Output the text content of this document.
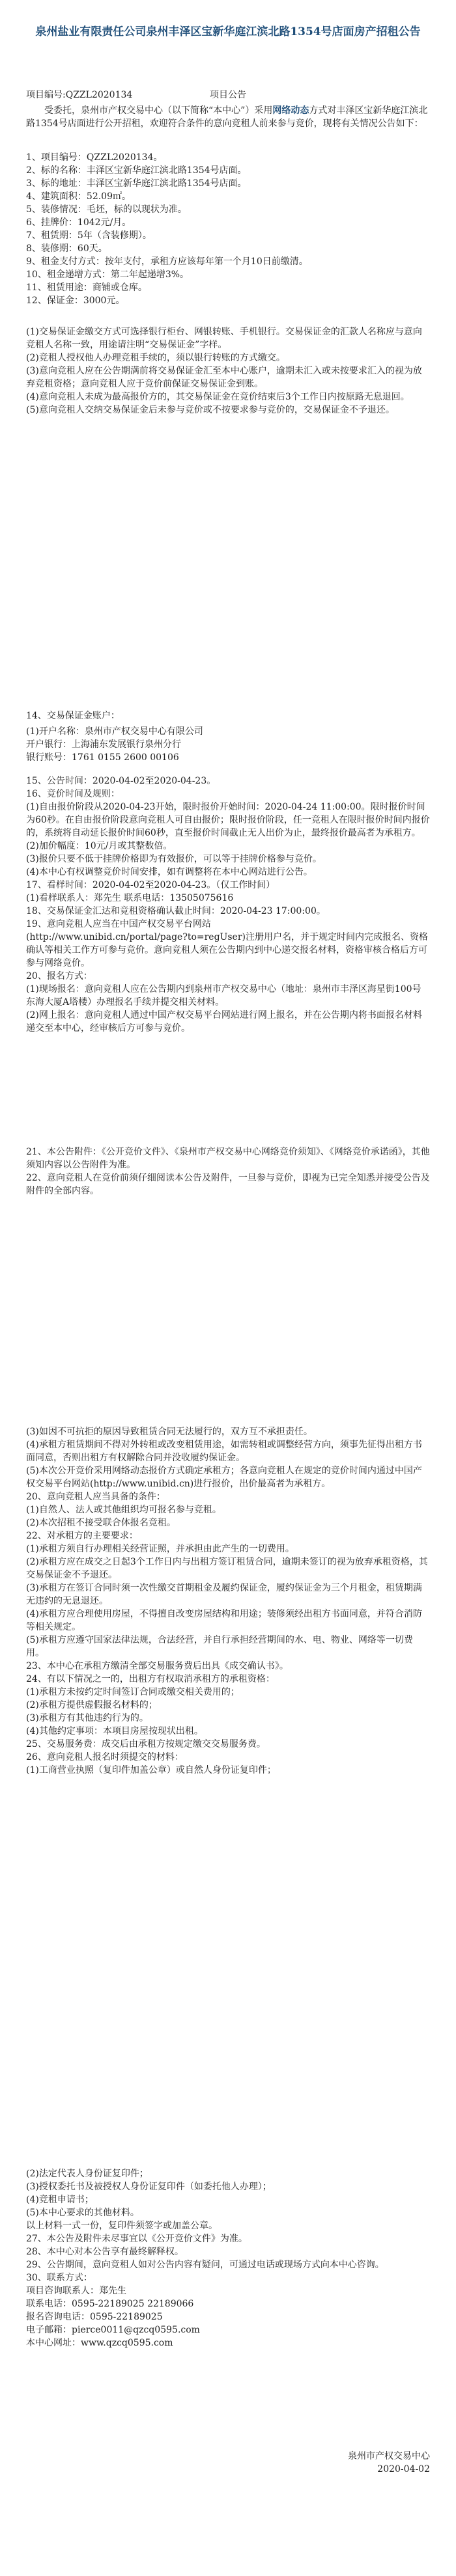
泉州盐业有限责任公司泉州丰泽区宝新华庭江滨北路1354号店面房产招租公告
项目编号:QZZL2020134	项目公告
受委托，泉州市产权交易中心（以下简称“本中心”）采用网络动态方式对丰泽区宝新华庭江滨北路1354号店面进行公开招租，欢迎符合条件的意向竞租人前来参与竞价，现将有关情况公告如下：
1、项目编号：QZZL2020134。
2、标的名称：丰泽区宝新华庭江滨北路1354号店面。
3、标的地址：丰泽区宝新华庭江滨北路1354号店面。
4、建筑面积：52.09㎡。
5、装修情况：毛坯，标的以现状为准。
6、挂牌价：1042元/月。
7、租赁期：5年（含装修期）。
8、装修期：60天。
9、租金支付方式：按年支付，承租方应该每年第一个月10日前缴清。
10、租金递增方式：第二年起递增3%。
11、租赁用途：商铺或仓库。
12、保证金：3000元。
(1)交易保证金缴交方式可选择银行柜台、网银转账、手机银行。交易保证金的汇款人名称应与意向竞租人名称一致，用途请注明“交易保证金”字样。
(2)竞租人授权他人办理竞租手续的，须以银行转账的方式缴交。
(3)意向竞租人应在公告期满前将交易保证金汇至本中心账户，逾期未汇入或未按要求汇入的视为放弃竞租资格；意向竞租人应于竞价前保证交易保证金到账。
(4)意向竞租人未成为最高报价方的，其交易保证金在竞价结束后3个工作日内按原路无息退回。
(5)意向竞租人交纳交易保证金后未参与竞价或不按要求参与竞价的，交易保证金不予退还。
14、交易保证金账户：
(1)开户名称：泉州市产权交易中心有限公司
开户银行：上海浦东发展银行泉州分行
银行账号：1761 0155 2600 00106
15、公告时间：2020-04-02至2020-04-23。
16、竞价时间及规则：
(1)自由报价阶段从2020-04-23开始，限时报价开始时间：2020-04-24 11:00:00。限时报价时间为60秒。在自由报价阶段意向竞租人可自由报价；限时报价阶段，任一竞租人在限时报价时间内报价的，系统将自动延长报价时间60秒，直至报价时间截止无人出价为止，最终报价最高者为承租方。
(2)加价幅度：10元/月或其整数倍。
(3)报价只要不低于挂牌价格即为有效报价，可以等于挂牌价格参与竞价。
(4)本中心有权调整竞价时间安排，如有调整将在本中心网站进行公告。
17、看样时间：2020-04-02至2020-04-23。（仅工作时间）
(1)看样联系人：郑先生 联系电话：13505075616
18、交易保证金汇达和竞租资格确认截止时间：2020-04-23 17:00:00。
19、意向竞租人应当在中国产权交易平台网站
(http://www.unibid.cn/portal/page?to=regUser)注册用户名，并于规定时间内完成报名、资格确认等相关工作方可参与竞价。意向竞租人须在公告期内到中心递交报名材料，资格审核合格后方可参与网络竞价。
20、报名方式：
(1)现场报名：意向竞租人应在公告期内到泉州市产权交易中心（地址：泉州市丰泽区海星街100号东海大厦A塔楼）办理报名手续并提交相关材料。
(2)网上报名：意向竞租人通过中国产权交易平台网站进行网上报名，并在公告期内将书面报名材料递交至本中心，经审核后方可参与竞价。
21、本公告附件：《公开竞价文件》、《泉州市产权交易中心网络竞价须知》、《网络竞价承诺函》，其他须知内容以公告附件为准。
22、意向竞租人在竞价前须仔细阅读本公告及附件，一旦参与竞价，即视为已完全知悉并接受公告及附件的全部内容。
(3)如因不可抗拒的原因导致租赁合同无法履行的，双方互不承担责任。
(4)承租方租赁期间不得对外转租或改变租赁用途，如需转租或调整经营方向，须事先征得出租方书面同意，否则出租方有权解除合同并没收履约保证金。
(5)本次公开竞价采用网络动态报价方式确定承租方；各意向竞租人在规定的竞价时间内通过中国产权交易平台网站(http://www.unibid.cn)进行报价，出价最高者为承租方。
20、意向竞租人应当具备的条件：
(1)自然人、法人或其他组织均可报名参与竞租。
(2)本次招租不接受联合体报名竞租。
22、对承租方的主要要求：
(1)承租方须自行办理相关经营证照，并承担由此产生的一切费用。
(2)承租方应在成交之日起3个工作日内与出租方签订租赁合同，逾期未签订的视为放弃承租资格，其交易保证金不予退还。
(3)承租方在签订合同时须一次性缴交首期租金及履约保证金，履约保证金为三个月租金，租赁期满无违约的无息退还。
(4)承租方应合理使用房屋，不得擅自改变房屋结构和用途；装修须经出租方书面同意，并符合消防等相关规定。
(5)承租方应遵守国家法律法规，合法经营，并自行承担经营期间的水、电、物业、网络等一切费用。
23、本中心在承租方缴清全部交易服务费后出具《成交确认书》。
24、有以下情况之一的，出租方有权取消承租方的承租资格：
(1)承租方未按约定时间签订合同或缴交相关费用的；
(2)承租方提供虚假报名材料的；
(3)承租方有其他违约行为的。
(4)其他约定事项：本项目房屋按现状出租。
25、交易服务费：成交后由承租方按规定缴交交易服务费。
26、意向竞租人报名时须提交的材料：
(1)工商营业执照（复印件加盖公章）或自然人身份证复印件；
(2)法定代表人身份证复印件；
(3)授权委托书及被授权人身份证复印件（如委托他人办理）；
(4)竞租申请书；
(5)本中心要求的其他材料。
以上材料一式一份，复印件须签字或加盖公章。
27、本公告及附件未尽事宜以《公开竞价文件》为准。
28、本中心对本公告享有最终解释权。
29、公告期间，意向竞租人如对公告内容有疑问，可通过电话或现场方式向本中心咨询。
30、联系方式：
项目咨询联系人：郑先生
联系电话：0595-22189025 22189066
报名咨询电话：0595-22189025
电子邮箱：pierce0011@qzcq0595.com
本中心网址：www.qzcq0595.com
泉州市产权交易中心
2020-04-02
